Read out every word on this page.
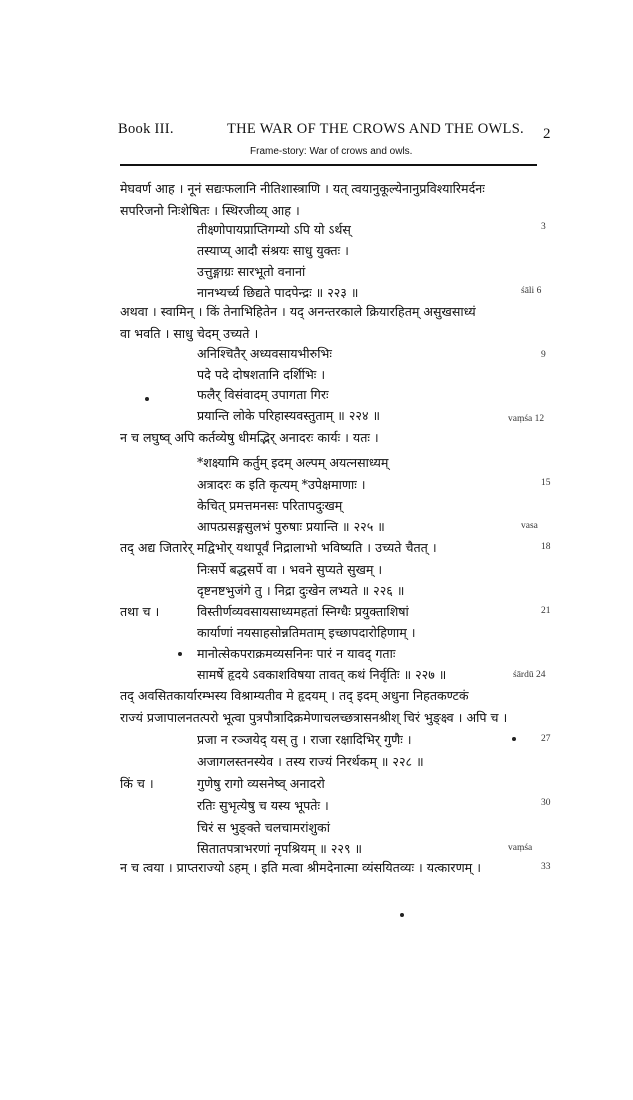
Book III.	THE WAR OF THE CROWS AND THE OWLS. 2
Frame-story: War of crows and owls.
मेघवर्ण आह । नूनं सद्यःफलानि नीतिशास्त्राणि । यत् त्वयानुकूल्येनानुप्रविश्यारिमर्दनः
सपरिजनो निःशेषितः । स्थिरजीव्य् आह ।
तीक्ष्णोपायप्राप्तिगम्यो ऽपि यो ऽर्थस्
तस्याप्य् आदौ संश्रयः साधु युक्तः ।
उत्तुङ्गाग्रः सारभूतो वनानां
नानभ्यर्च्य छिद्यते पादपेन्द्रः ॥ २२३ ॥
अथवा । स्वामिन् । किं तेनाभिहितेन । यद् अनन्तरकाले क्रियारहितम् असुखसाध्यं
वा भवति । साधु चेदम् उच्यते ।
अनिश्चितैर् अध्यवसायभीरुभिः
पदे पदे दोषशतानि दर्शिभिः ।
फलैर् विसंवादम् उपागता गिरः
प्रयान्ति लोके परिहास्यवस्तुताम् ॥ २२४ ॥
न च लघुष्व् अपि कर्तव्येषु धीमद्भिर् अनादरः कार्यः । यतः ।
*शक्ष्यामि कर्तुम् इदम् अल्पम् अयत्नसाध्यम्
अत्रादरः क इति कृत्यम् *उपेक्षमाणाः ।
केचित् प्रमत्तमनसः परितापदुःखम्
आपत्प्रसङ्गसुलभं पुरुषाः प्रयान्ति ॥ २२५ ॥
तद् अद्य जितारेर् मद्विभोर् यथापूर्वं निद्रालाभो भविष्यति । उच्यते चैतत् ।
निःसर्पे बद्धसर्पे वा । भवने सुप्यते सुखम् ।
दृष्टनष्टभुजंगे तु । निद्रा दुःखेन लभ्यते ॥ २२६ ॥
तथा च ।	विस्तीर्णव्यवसायसाध्यमहतां स्निग्धैः प्रयुक्ताशिषां
कार्याणां नयसाहसोन्नतिमताम् इच्छापदारोहिणाम् ।
मानोत्सेकपराक्रमव्यसनिनः पारं न यावद् गताः
सामर्षे हृदये ऽवकाशविषया तावत् कथं निर्वृतिः ॥ २२७ ॥
तद् अवसितकार्यारम्भस्य विश्राम्यतीव मे हृदयम् । तद् इदम् अधुना निहतकण्टकं
राज्यं प्रजापालनतत्परो भूत्वा पुत्रपौत्रादिक्रमेणाचलच्छत्रासनश्रीश् चिरं भुङ्क्ष्व । अपि च ।
प्रजा न रञ्जयेद् यस् तु । राजा रक्षादिभिर् गुणैः ।
अजागलस्तनस्येव । तस्य राज्यं निरर्थकम् ॥ २२८ ॥
किं च ।	गुणेषु रागो व्यसनेष्व् अनादरो
रतिः सुभृत्येषु च यस्य भूपतेः ।
चिरं स भुङ्क्ते चलचामरांशुकां
सितातपत्राभरणां नृपश्रियम् ॥ २२९ ॥
न च त्वया । प्राप्तराज्यो ऽहम् । इति मत्वा श्रीमदेनात्मा व्यंसयितव्यः । यत्कारणम् ।
3
śāli 6
9
vaṃśa 12
15
vasa
18
21
śārdū 24
27
30
vaṃśa
33
